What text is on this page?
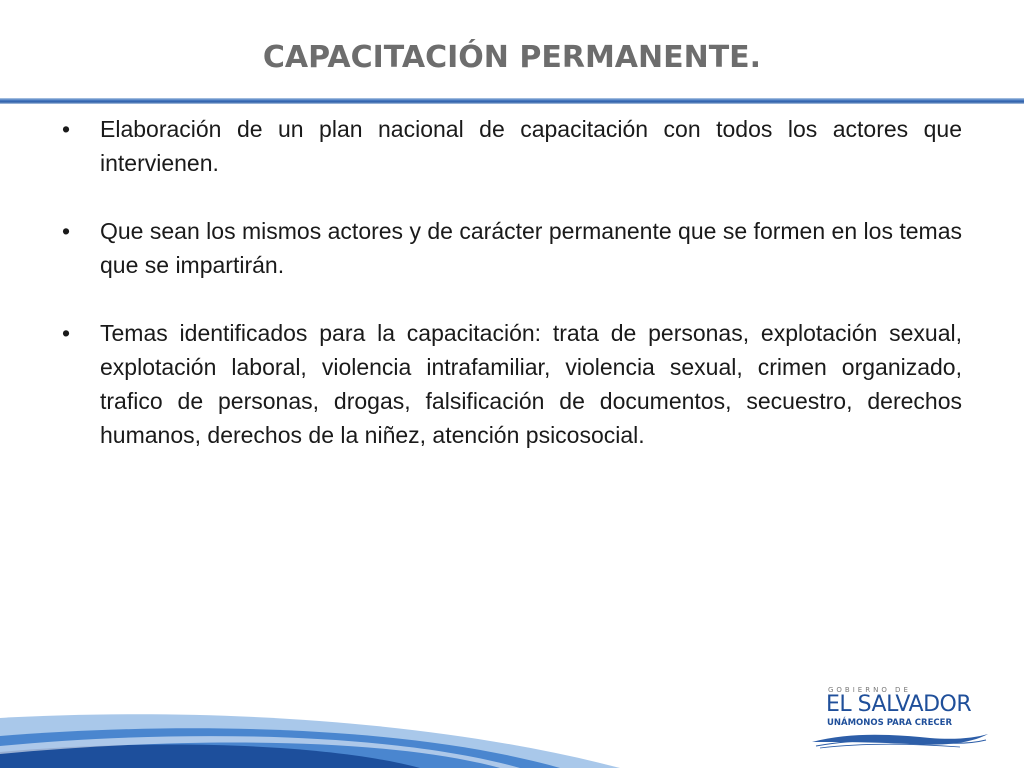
CAPACITACIÓN PERMANENTE.
•	Elaboración de un plan nacional de capacitación con todos los actores que intervienen.
•	Que sean los mismos actores y de carácter permanente que se formen en los temas que se impartirán.
•	Temas identificados para la capacitación: trata de personas, explotación sexual, explotación laboral, violencia intrafamiliar, violencia sexual, crimen organizado, trafico de personas, drogas, falsificación de documentos, secuestro, derechos humanos, derechos de la niñez, atención psicosocial.
GOBIERNO DE
EL SALVADOR
UNÁMONOS PARA CRECER
